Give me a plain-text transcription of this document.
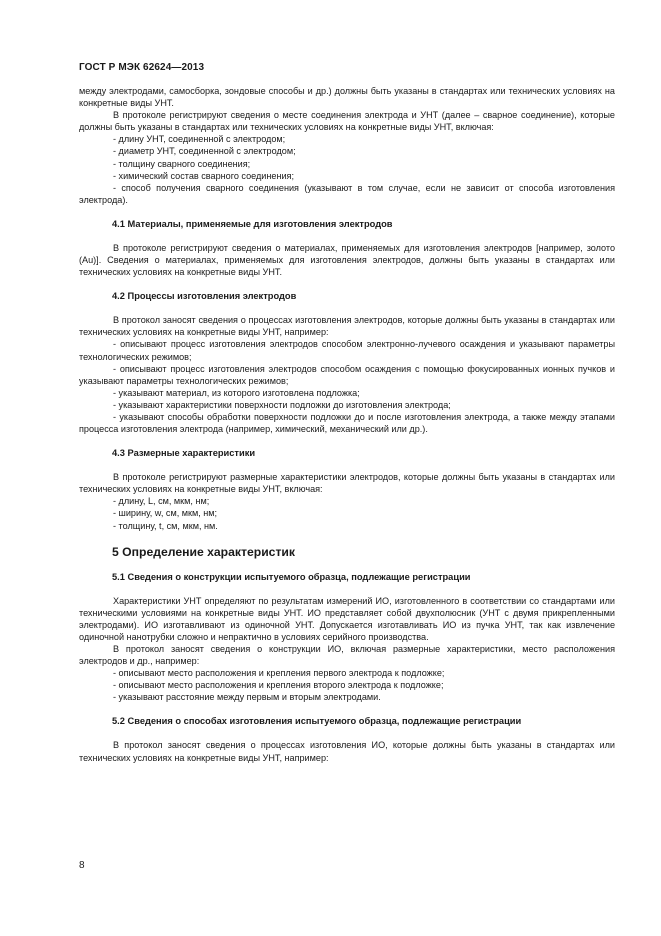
ГОСТ Р МЭК 62624—2013

между электродами, самосборка, зондовые способы и др.) должны быть указаны в стандартах или технических условиях на конкретные виды УНТ.

В протоколе регистрируют сведения о месте соединения электрода и УНТ (далее – сварное соединение), которые должны быть указаны в стандартах или технических условиях на конкретные виды УНТ, включая:

- длину УНТ, соединенной с электродом;

- диаметр УНТ, соединенной с электродом;

- толщину сварного соединения;

- химический состав сварного соединения;

- способ получения сварного соединения (указывают в том случае, если не зависит от способа изготовления электрода).

4.1 Материалы, применяемые для изготовления электродов

В протоколе регистрируют сведения о материалах, применяемых для изготовления электродов [например, золото (Au)]. Сведения о материалах, применяемых для изготовления электродов, должны быть указаны в стандартах или технических условиях на конкретные виды УНТ.

4.2 Процессы изготовления электродов

В протокол заносят сведения о процессах изготовления электродов, которые должны быть указаны в стандартах или технических условиях на конкретные виды УНТ, например:

- описывают процесс изготовления электродов способом электронно-лучевого осаждения и указывают параметры технологических режимов;

- описывают процесс изготовления электродов способом осаждения с помощью фокусированных ионных пучков и указывают параметры технологических режимов;

- указывают материал, из которого изготовлена подложка;

- указывают характеристики поверхности подложки до изготовления электрода;

- указывают способы обработки поверхности подложки до и после изготовления электрода, а также между этапами процесса изготовления электрода (например, химический, механический или др.).

4.3 Размерные характеристики

В протоколе регистрируют размерные характеристики электродов, которые должны быть указаны в стандартах или технических условиях на конкретные виды УНТ, включая:

- длину, L, см, мкм, нм;

- ширину, w, см, мкм, нм;

- толщину, t, см, мкм, нм.

5 Определение характеристик
5.1 Сведения о конструкции испытуемого образца, подлежащие регистрации

Характеристики УНТ определяют по результатам измерений ИО, изготовленного в соответствии со стандартами или техническими условиями на конкретные виды УНТ. ИО представляет собой двухполюсник (УНТ с двумя прикрепленными электродами). ИО изготавливают из одиночной УНТ. Допускается изготавливать ИО из пучка УНТ, так как извлечение одиночной нанотрубки сложно и непрактично в условиях серийного производства.

В протокол заносят сведения о конструкции ИО, включая размерные характеристики, место расположения электродов и др., например:

- описывают место расположения и крепления первого электрода к подложке;

- описывают место расположения и крепления второго электрода к подложке;

- указывают расстояние между первым и вторым электродами.

5.2 Сведения о способах изготовления испытуемого образца, подлежащие регистрации

В протокол заносят сведения о процессах изготовления ИО, которые должны быть указаны в стандартах или технических условиях на конкретные виды УНТ, например:

8
